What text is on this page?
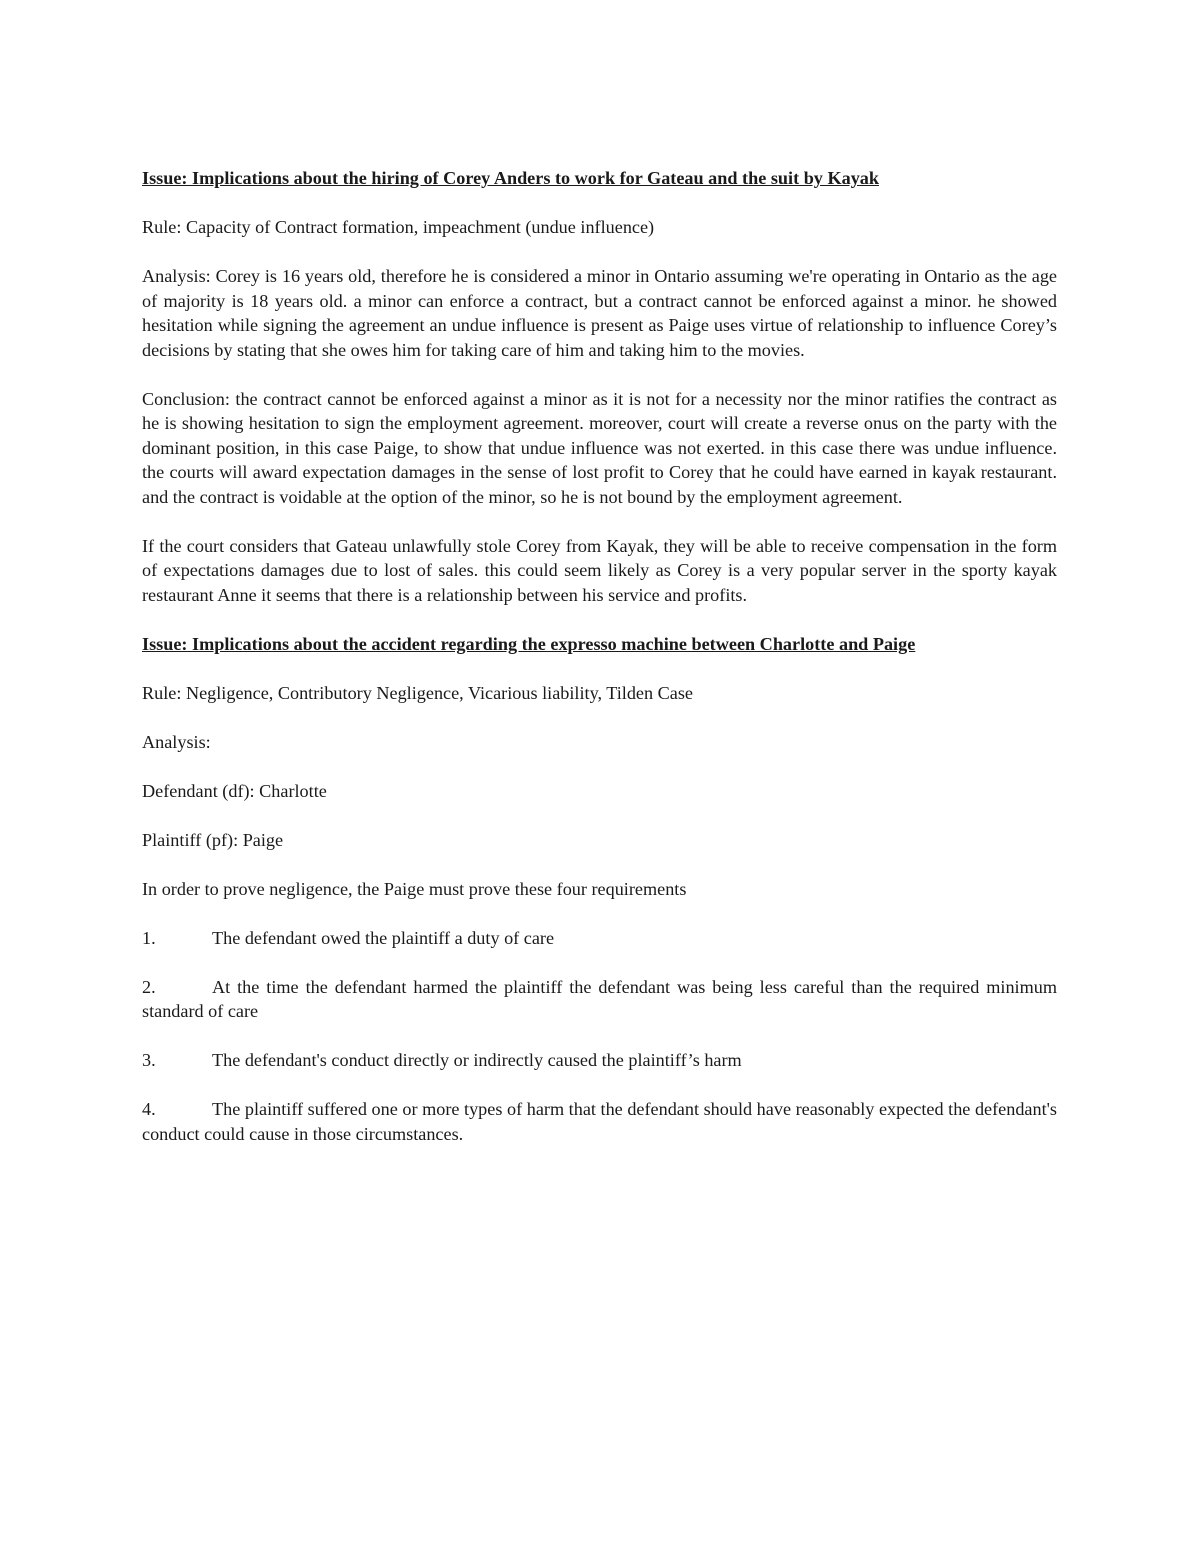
Issue: Implications about the hiring of Corey Anders to work for Gateau and the suit by Kayak

Rule: Capacity of Contract formation, impeachment (undue influence)

Analysis: Corey is 16 years old, therefore he is considered a minor in Ontario assuming we're operating in Ontario as the age of majority is 18 years old. a minor can enforce a contract, but a contract cannot be enforced against a minor. he showed hesitation while signing the agreement an undue influence is present as Paige uses virtue of relationship to influence Corey’s decisions by stating that she owes him for taking care of him and taking him to the movies.

Conclusion: the contract cannot be enforced against a minor as it is not for a necessity nor the minor ratifies the contract as he is showing hesitation to sign the employment agreement. moreover, court will create a reverse onus on the party with the dominant position, in this case Paige, to show that undue influence was not exerted. in this case there was undue influence. the courts will award expectation damages in the sense of lost profit to Corey that he could have earned in kayak restaurant. and the contract is voidable at the option of the minor, so he is not bound by the employment agreement.

If the court considers that Gateau unlawfully stole Corey from Kayak, they will be able to receive compensation in the form of expectations damages due to lost of sales. this could seem likely as Corey is a very popular server in the sporty kayak restaurant Anne it seems that there is a relationship between his service and profits.

Issue: Implications about the accident regarding the expresso machine between Charlotte and Paige

Rule: Negligence, Contributory Negligence, Vicarious liability, Tilden Case

Analysis:

Defendant (df): Charlotte

Plaintiff (pf): Paige

In order to prove negligence, the Paige must prove these four requirements

1.	The defendant owed the plaintiff a duty of care
2.	At the time the defendant harmed the plaintiff the defendant was being less careful than the required minimum standard of care
3.	The defendant's conduct directly or indirectly caused the plaintiff’s harm
4.	The plaintiff suffered one or more types of harm that the defendant should have reasonably expected the defendant's conduct could cause in those circumstances.
